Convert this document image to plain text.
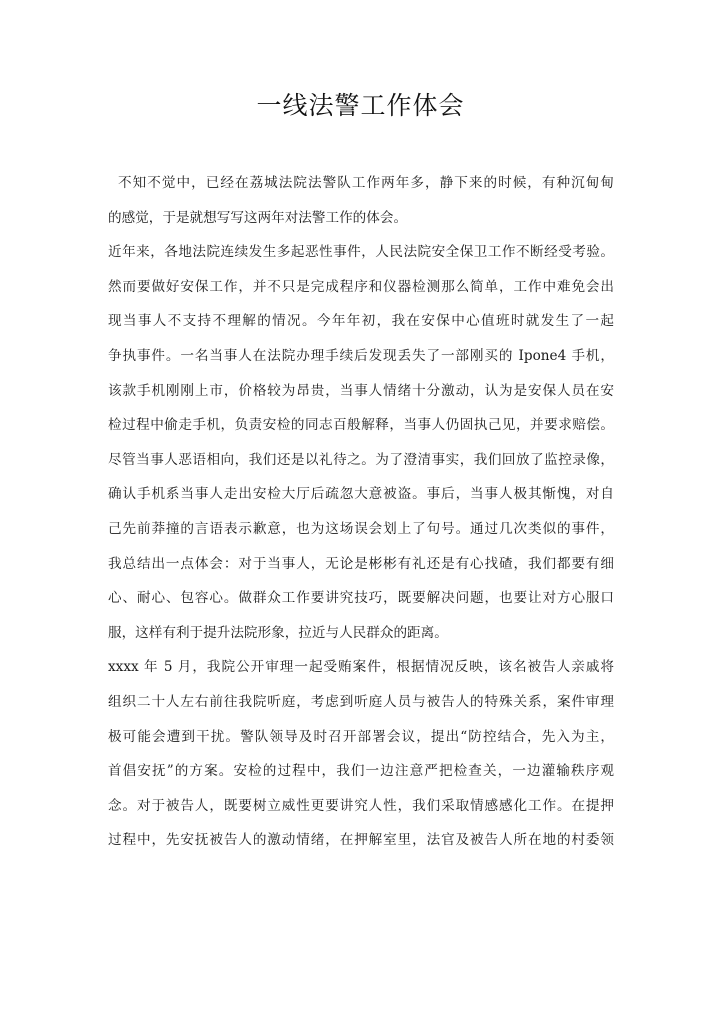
一线法警工作体会
不知不觉中，已经在荔城法院法警队工作两年多，静下来的时候，有种沉甸甸
的感觉，于是就想写写这两年对法警工作的体会。
近年来，各地法院连续发生多起恶性事件，人民法院安全保卫工作不断经受考验。
然而要做好安保工作，并不只是完成程序和仪器检测那么简单，工作中难免会出
现当事人不支持不理解的情况。今年年初，我在安保中心值班时就发生了一起
争执事件。一名当事人在法院办理手续后发现丢失了一部刚买的 Ipone4 手机，
该款手机刚刚上市，价格较为昂贵，当事人情绪十分激动，认为是安保人员在安
检过程中偷走手机，负责安检的同志百般解释，当事人仍固执己见，并要求赔偿。
尽管当事人恶语相向，我们还是以礼待之。为了澄清事实，我们回放了监控录像，
确认手机系当事人走出安检大厅后疏忽大意被盗。事后，当事人极其惭愧，对自
己先前莽撞的言语表示歉意，也为这场误会划上了句号。通过几次类似的事件，
我总结出一点体会：对于当事人，无论是彬彬有礼还是有心找碴，我们都要有细
心、耐心、包容心。做群众工作要讲究技巧，既要解决问题，也要让对方心服口
服，这样有利于提升法院形象，拉近与人民群众的距离。
xxxx 年 5 月，我院公开审理一起受贿案件，根据情况反映，该名被告人亲戚将
组织二十人左右前往我院听庭，考虑到听庭人员与被告人的特殊关系，案件审理
极可能会遭到干扰。警队领导及时召开部署会议，提出“防控结合，先入为主，
首倡安抚”的方案。安检的过程中，我们一边注意严把检查关，一边灌输秩序观
念。对于被告人，既要树立威性更要讲究人性，我们采取情感感化工作。在提押
过程中，先安抚被告人的激动情绪，在押解室里，法官及被告人所在地的村委领
